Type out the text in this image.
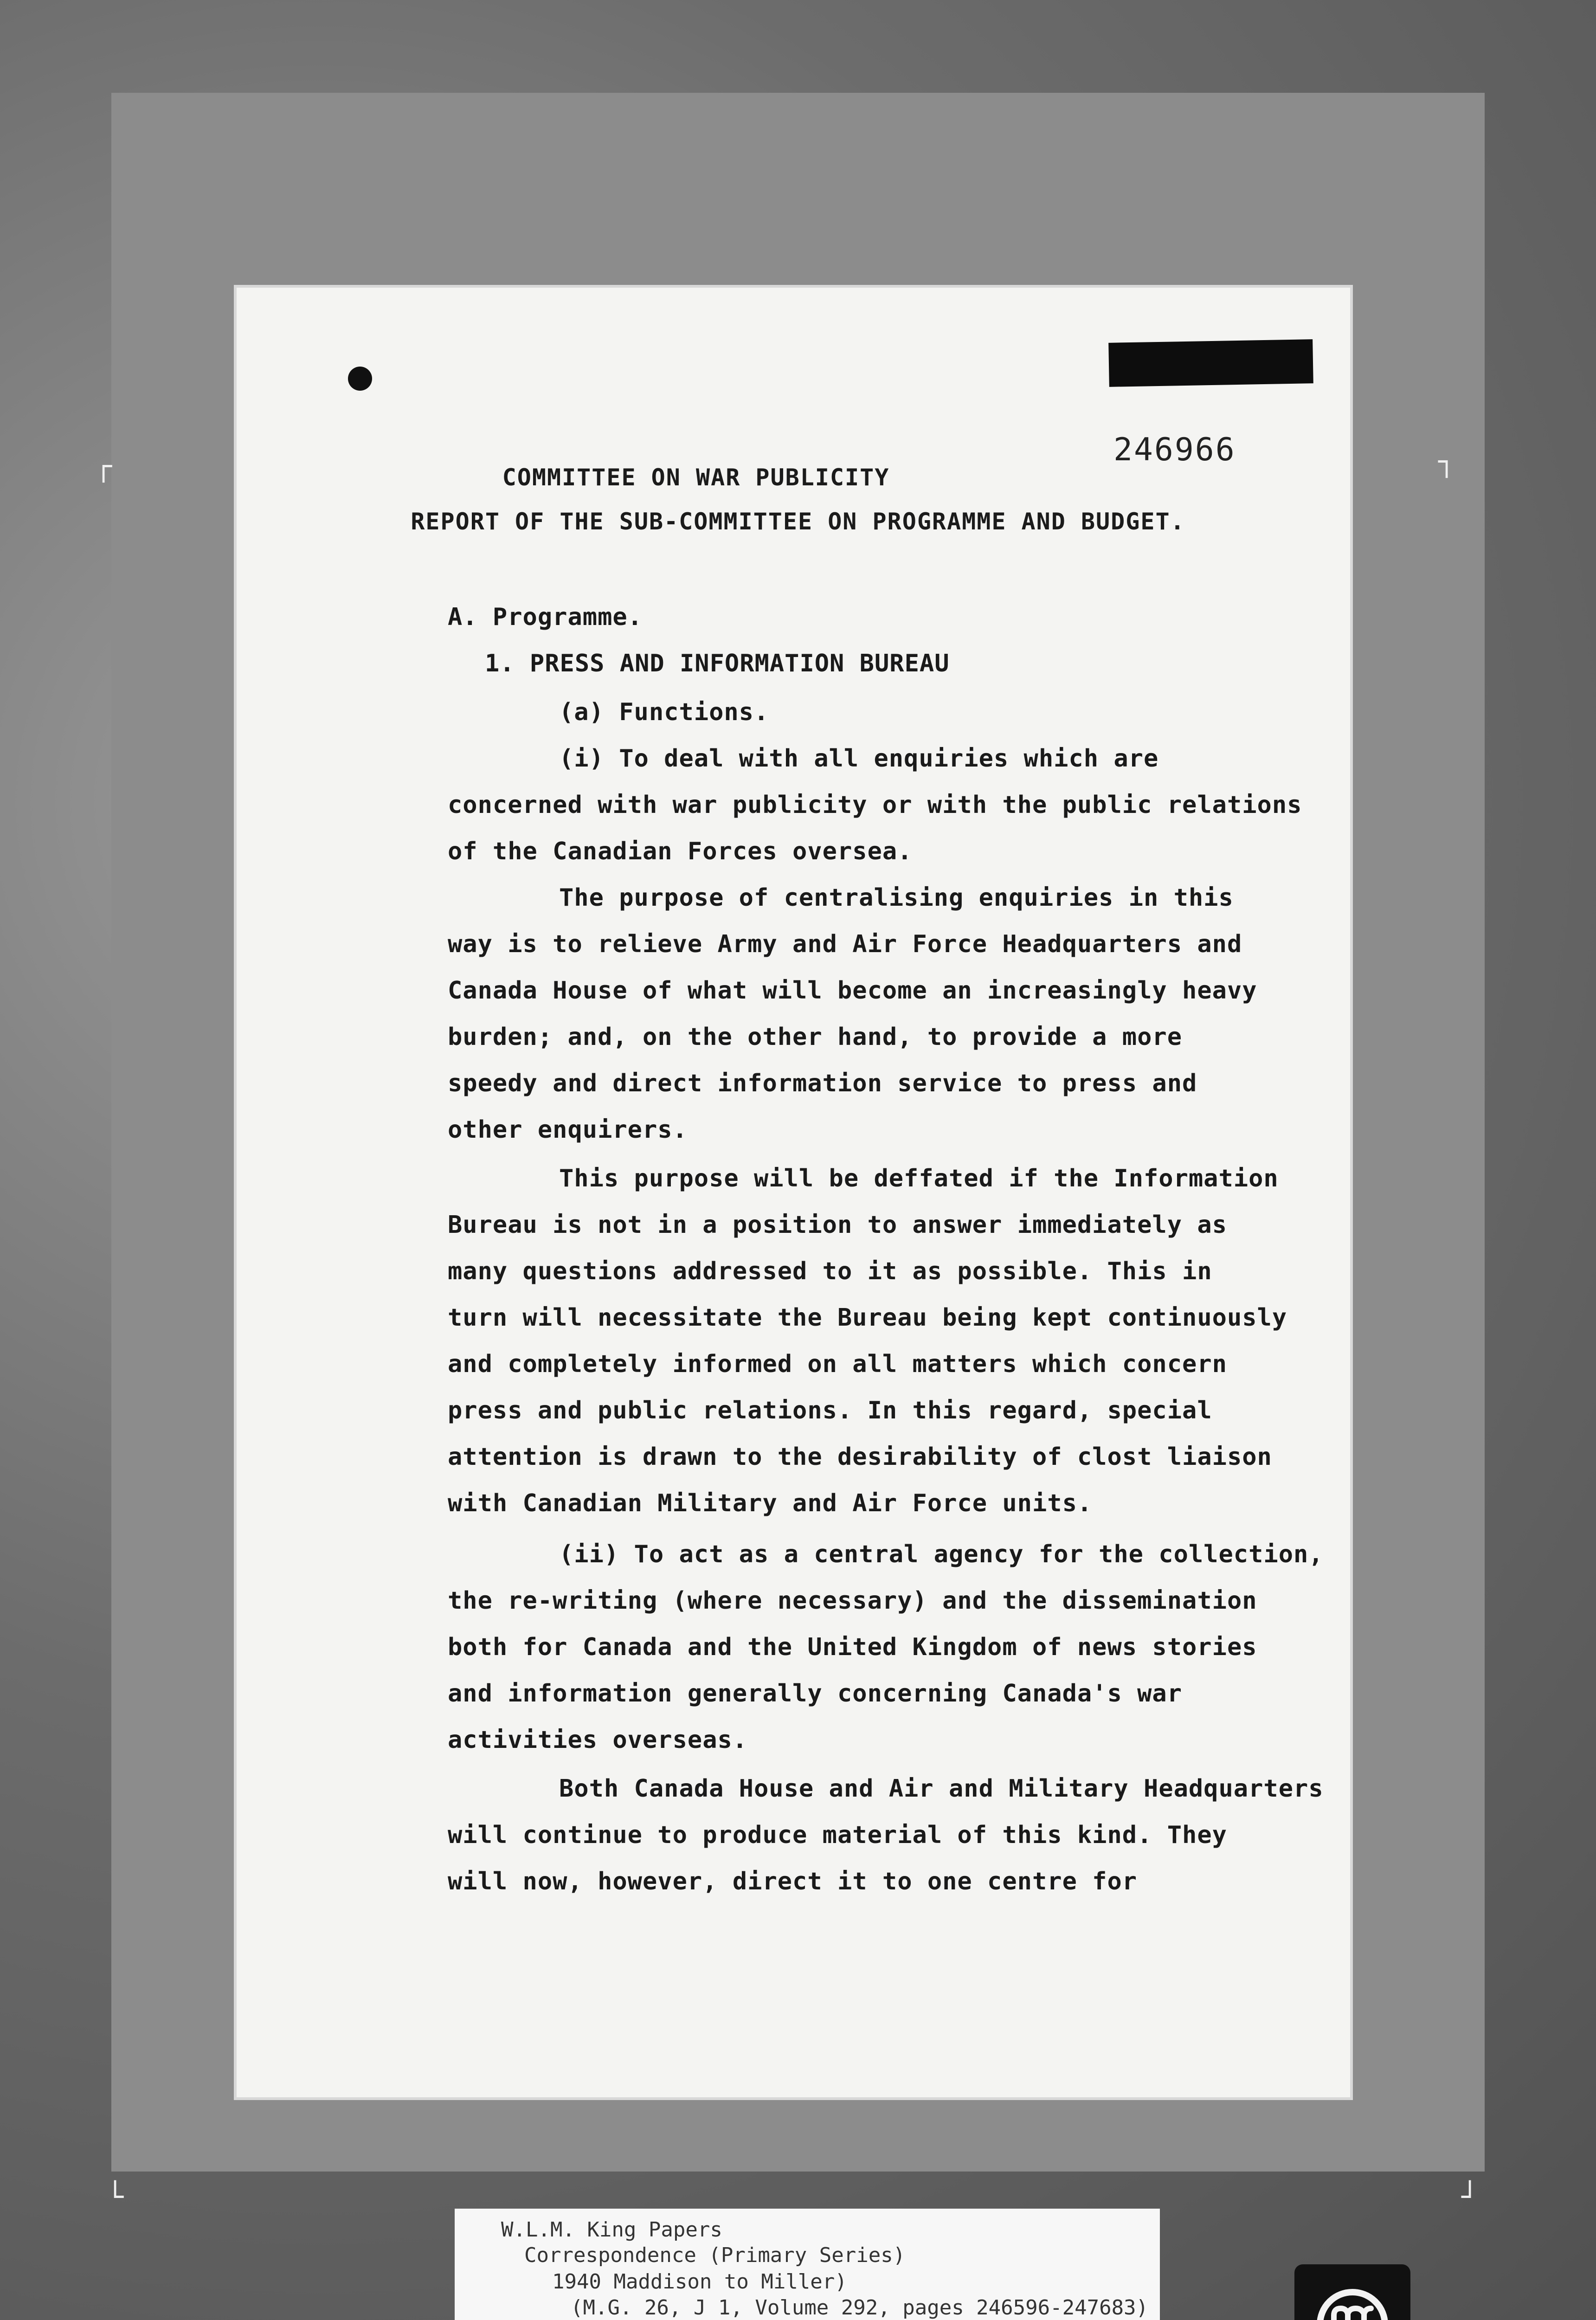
┌	┐
└	┘
246966
COMMITTEE ON WAR PUBLICITY
REPORT OF THE SUB-COMMITTEE ON PROGRAMME AND BUDGET.
A. Programme.
1. PRESS AND INFORMATION BUREAU
(a) Functions.
(i) To deal with all enquiries which are
concerned with war publicity or with the public relations
of the Canadian Forces oversea.
The purpose of centralising enquiries in this
way is to relieve Army and Air Force Headquarters and
Canada House of what will become an increasingly heavy
burden; and, on the other hand, to provide a more
speedy and direct information service to press and
other enquirers.
This purpose will be deffated if the Information
Bureau is not in a position to answer immediately as
many questions addressed to it as possible. This in
turn will necessitate the Bureau being kept continuously
and completely informed on all matters which concern
press and public relations. In this regard, special
attention is drawn to the desirability of clost liaison
with Canadian Military and Air Force units.
(ii) To act as a central agency for the collection,
the re-writing (where necessary) and the dissemination
both for Canada and the United Kingdom of news stories
and information generally concerning Canada's war
activities overseas.
Both Canada House and Air and Military Headquarters
will continue to produce material of this kind. They
will now, however, direct it to one centre for
W.L.M. King Papers
Correspondence (Primary Series)
1940 Maddison to Miller)
(M.G. 26, J 1, Volume 292, pages 246596-247683)
